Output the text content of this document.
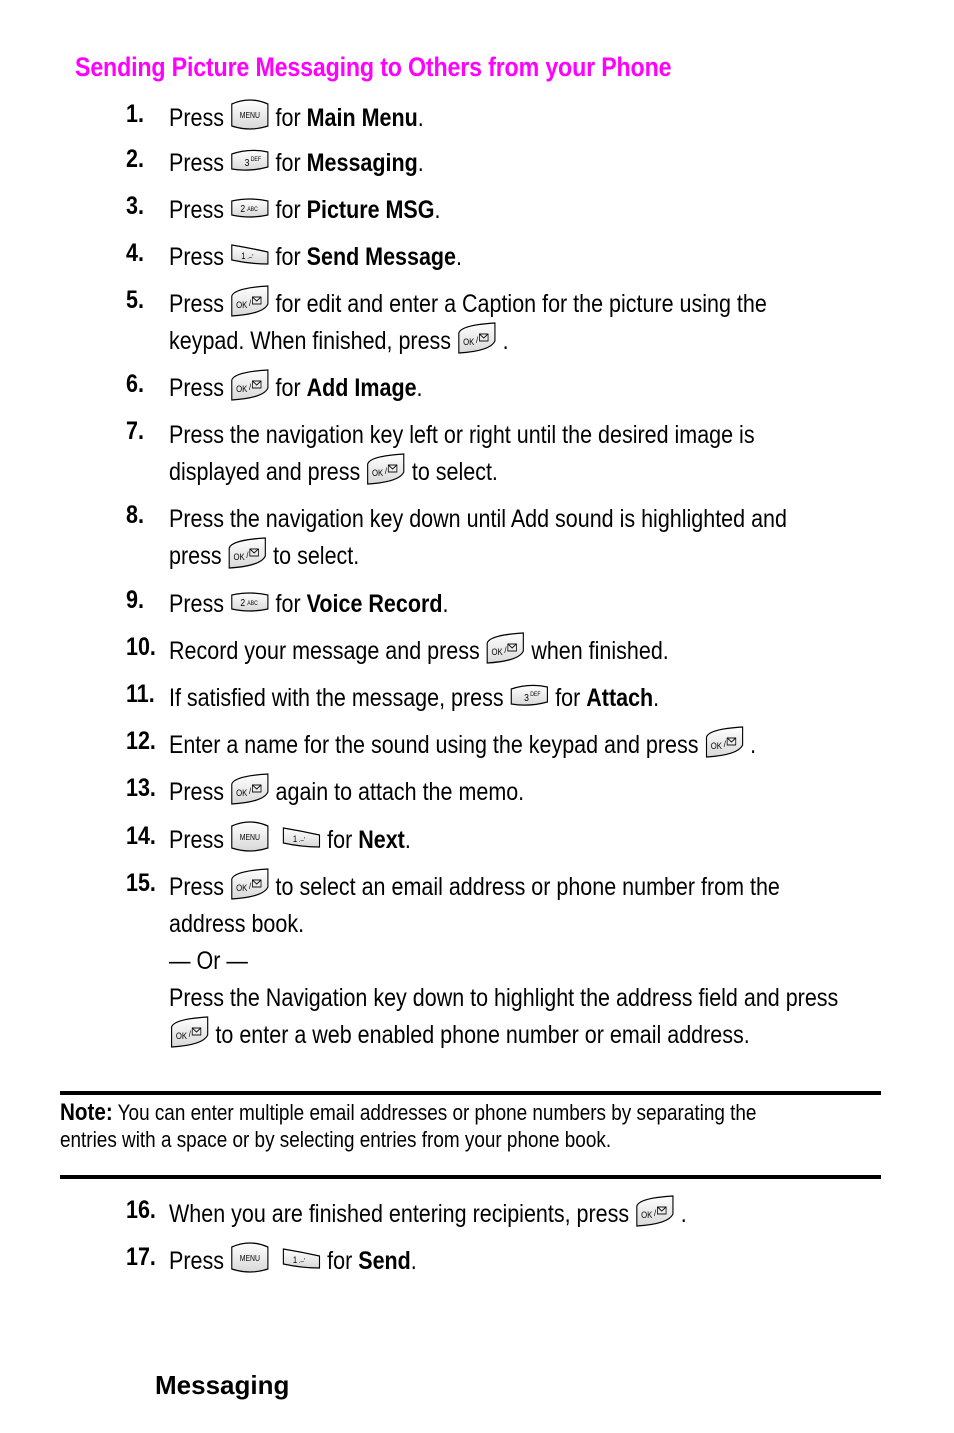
Sending Picture Messaging to Others from your Phone
1. Press MENU for Main Menu.
2. Press 3 DEF for Messaging.
3. Press 2 ABC for Picture MSG.
4. Press 1 .–' for Send Message.
5. Press OK / for edit and enter a Caption for the picture using the
keypad. When finished, press OK / .
6. Press OK / for Add Image.
7. Press the navigation key left or right until the desired image is
displayed and press OK / to select.
8. Press the navigation key down until Add sound is highlighted and
press OK / to select.
9. Press 2 ABC for Voice Record.
10. Record your message and press OK / when finished.
11. If satisfied with the message, press 3 DEF for Attach.
12. Enter a name for the sound using the keypad and press OK / .
13. Press OK / again to attach the memo.
14. Press MENU	1 .–' for Next.
15. Press OK / to select an email address or phone number from the
address book.
— Or —
Press the Navigation key down to highlight the address field and press

OK / to enter a web enabled phone number or email address.
Note: You can enter multiple email addresses or phone numbers by separating the
entries with a space or by selecting entries from your phone book.
16. When you are finished entering recipients, press OK / .
17. Press MENU	1 .–' for Send.
Messaging
